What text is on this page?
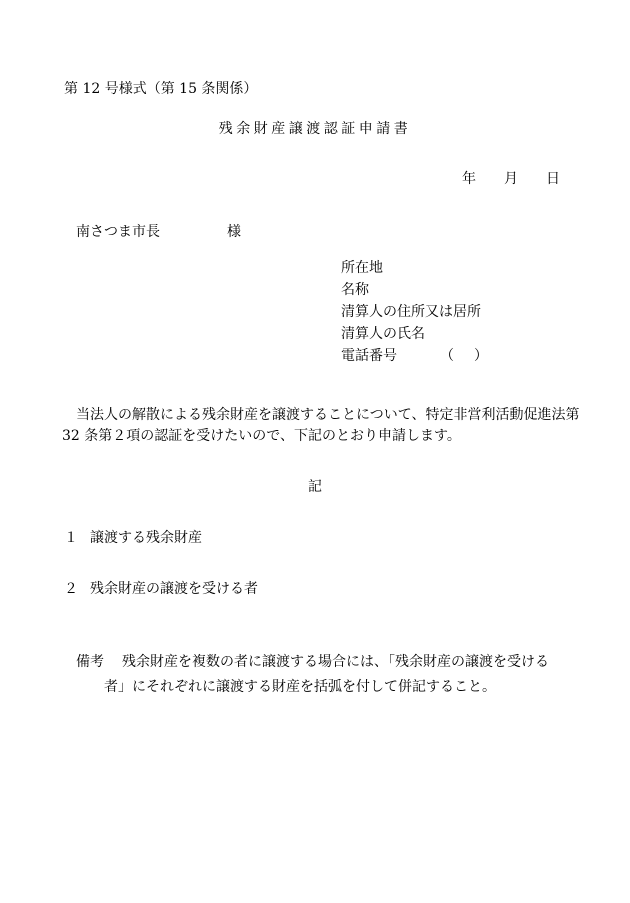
第 12 号様式（第 15 条関係）
残余財産譲渡認証申請書
年 月 日
南さつま市長	様
所在地
名称
清算人の住所又は居所
清算人の氏名
電話番号	（ ）
当法人の解散による残余財産を譲渡することについて、特定非営利活動促進法第
32 条第２項の認証を受けたいので、下記のとおり申請します。
記
１ 譲渡する残余財産
２ 残余財産の譲渡を受ける者
備考 残余財産を複数の者に譲渡する場合には、「残余財産の譲渡を受ける
者」にそれぞれに譲渡する財産を括弧を付して併記すること。
